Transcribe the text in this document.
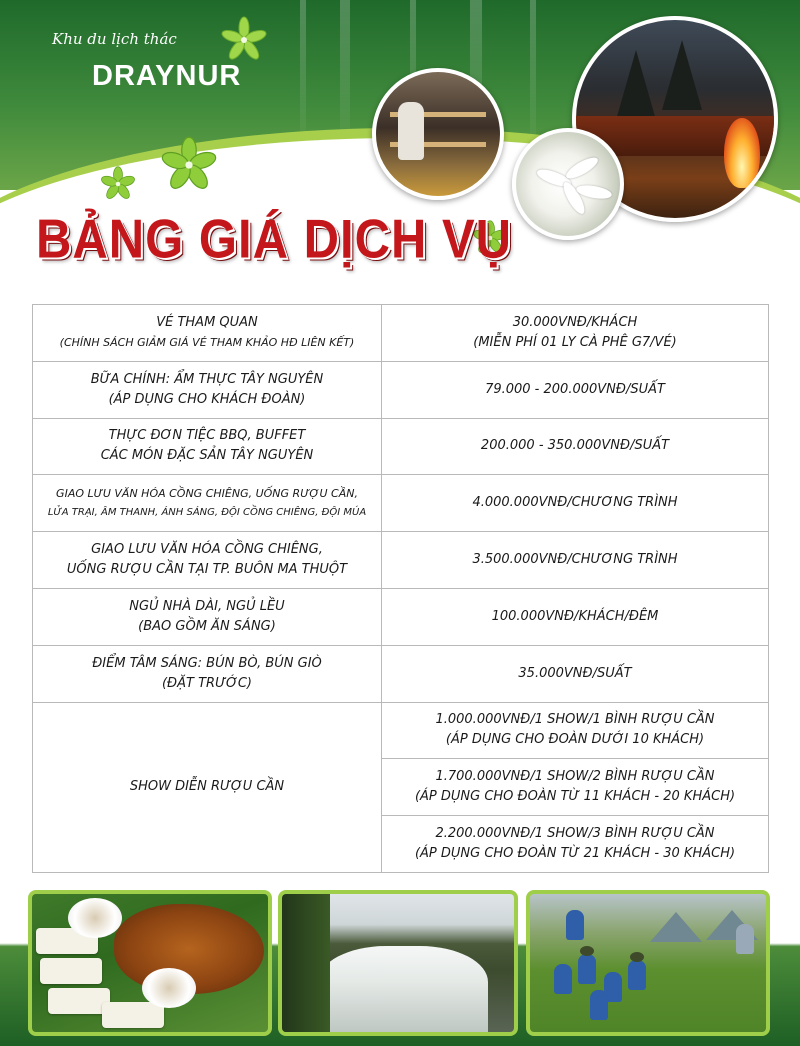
Khu du lịch thác
DRAYNUR
BẢNG GIÁ DỊCH VỤ
VÉ THAM QUAN
(CHÍNH SÁCH GIẢM GIÁ VÉ THAM KHẢO HĐ LIÊN KẾT)	30.000VNĐ/KHÁCH
(MIỄN PHÍ 01 LY CÀ PHÊ G7/VÉ)

BỮA CHÍNH: ẨM THỰC TÂY NGUYÊN
(ÁP DỤNG CHO KHÁCH ĐOÀN)	79.000 - 200.000VNĐ/SUẤT

THỰC ĐƠN TIỆC BBQ, BUFFET
CÁC MÓN ĐẶC SẢN TÂY NGUYÊN	200.000 - 350.000VNĐ/SUẤT

GIAO LƯU VĂN HÓA CỒNG CHIÊNG, UỐNG RƯỢU CẦN,
LỬA TRẠI, ÂM THANH, ÁNH SÁNG, ĐỘI CỒNG CHIÊNG, ĐỘI MÚA	4.000.000VNĐ/CHƯƠNG TRÌNH

GIAO LƯU VĂN HÓA CỒNG CHIÊNG,
UỐNG RƯỢU CẦN TẠI TP. BUÔN MA THUỘT	3.500.000VNĐ/CHƯƠNG TRÌNH

NGỦ NHÀ DÀI, NGỦ LỀU
(BAO GỒM ĂN SÁNG)	100.000VNĐ/KHÁCH/ĐÊM

ĐIỂM TÂM SÁNG: BÚN BÒ, BÚN GIÒ
(ĐẶT TRƯỚC)	35.000VNĐ/SUẤT

SHOW DIỄN RƯỢU CẦN	1.000.000VNĐ/1 SHOW/1 BÌNH RƯỢU CẦN
(ÁP DỤNG CHO ĐOÀN DƯỚI 10 KHÁCH)

	1.700.000VNĐ/1 SHOW/2 BÌNH RƯỢU CẦN
(ÁP DỤNG CHO ĐOÀN TỪ 11 KHÁCH - 20 KHÁCH)

	2.200.000VNĐ/1 SHOW/3 BÌNH RƯỢU CẦN
(ÁP DỤNG CHO ĐOÀN TỪ 21 KHÁCH - 30 KHÁCH)
